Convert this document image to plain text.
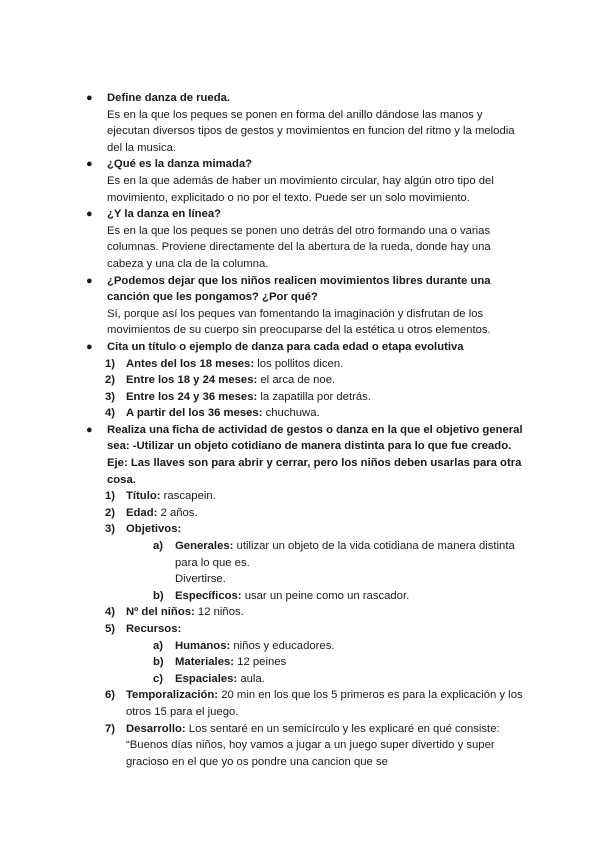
● Define danza de rueda.
Es en la que los peques se ponen en forma del anillo dándose las manos y ejecutan diversos tipos de gestos y movimientos en funcion del ritmo y la melodia del la musica.
● ¿Qué es la danza mimada?
Es en la que además de haber un movimiento circular, hay algún otro tipo del movimiento, explicitado o no por el texto. Puede ser un solo movimiento.
● ¿Y la danza en línea?
Es en la que los peques se ponen uno detrás del otro formando una o varias columnas. Proviene directamente del la abertura de la rueda, donde hay una cabeza y una cla de la columna.
● ¿Podemos dejar que los niños realicen movimientos libres durante una canción que les pongamos? ¿Por qué?
Sí, porque así los peques van fomentando la imaginación y disfrutan de los movimientos de su cuerpo sin preocuparse del la estética u otros elementos.
● Cita un título o ejemplo de danza para cada edad o etapa evolutiva
1) Antes del los 18 meses: los pollitos dicen.
2) Entre los 18 y 24 meses: el arca de noe.
3) Entre los 24 y 36 meses: la zapatilla por detrás.
4) A partir del los 36 meses: chuchuwa.
● Realiza una ficha de actividad de gestos o danza en la que el objetivo general sea: -Utilizar un objeto cotidiano de manera distinta para lo que fue creado. Eje: Las llaves son para abrir y cerrar, pero los niños deben usarlas para otra cosa.
1) Título: rascapein.
2) Edad: 2 años.
3) Objetivos:
a) Generales: utilizar un objeto de la vida cotidiana de manera distinta para lo que es.
Divertirse.
b) Específicos: usar un peine como un rascador.
4) Nº del niños: 12 niños.
5) Recursos:
a) Humanos: niños y educadores.
b) Materiales: 12 peines
c) Espaciales: aula.
6) Temporalización: 20 min en los que los 5 primeros es para la explicación y los otros 15 para el juego.
7) Desarrollo: Los sentaré en un semicírculo y les explicaré en qué consiste: “Buenos días niños, hoy vamos a jugar a un juego super divertido y super gracioso en el que yo os pondre una cancion que se
